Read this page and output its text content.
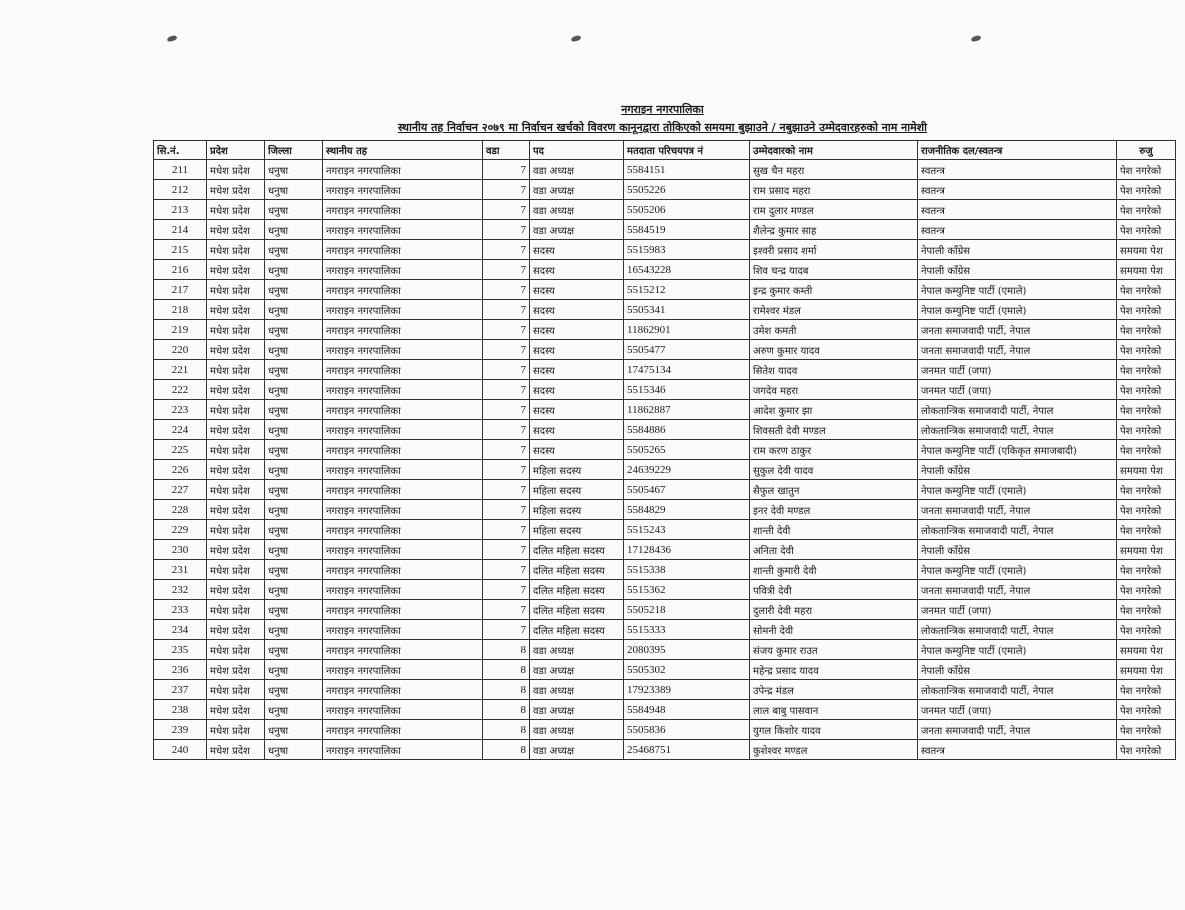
नगराइन नगरपालिका
स्थानीय तह निर्वाचन २०७९ मा निर्वाचन खर्चको विवरण कानूनद्वारा तोकिएको समयमा बुझाउने / नबुझाउने उम्मेदवारहरुको नाम नामेशी
सि.नं.	प्रदेश	जिल्ला	स्थानीय तह	वडा	पद	मतदाता परिचयपत्र नं	उम्मेदवारको नाम	राजनीतिक दल/स्वतन्त्र	रुजु
211	मधेश प्रदेश	धनुषा	नगराइन नगरपालिका	7	वडा अध्यक्ष	5584151	सुख चैन महरा	स्वतन्त्र	पेश नगरेको
212	मधेश प्रदेश	धनुषा	नगराइन नगरपालिका	7	वडा अध्यक्ष	5505226	राम प्रसाद महरा	स्वतन्त्र	पेश नगरेको
213	मधेश प्रदेश	धनुषा	नगराइन नगरपालिका	7	वडा अध्यक्ष	5505206	राम दुलार मण्डल	स्वतन्त्र	पेश नगरेको
214	मधेश प्रदेश	धनुषा	नगराइन नगरपालिका	7	वडा अध्यक्ष	5584519	शैलेन्द्र कुमार साह	स्वतन्त्र	पेश नगरेको
215	मधेश प्रदेश	धनुषा	नगराइन नगरपालिका	7	सदस्य	5515983	इश्वरी प्रसाद शर्मा	नेपाली काँग्रेस	समयमा पेश
216	मधेश प्रदेश	धनुषा	नगराइन नगरपालिका	7	सदस्य	16543228	शिव चन्द्र यादब	नेपाली काँग्रेस	समयमा पेश
217	मधेश प्रदेश	धनुषा	नगराइन नगरपालिका	7	सदस्य	5515212	इन्द्र कुमार कम्ती	नेपाल कम्युनिष्ट पार्टी (एमाले)	पेश नगरेको
218	मधेश प्रदेश	धनुषा	नगराइन नगरपालिका	7	सदस्य	5505341	रामेश्वर मंडल	नेपाल कम्युनिष्ट पार्टी (एमाले)	पेश नगरेको
219	मधेश प्रदेश	धनुषा	नगराइन नगरपालिका	7	सदस्य	11862901	उमेश कमती	जनता समाजवादी पार्टी, नेपाल	पेश नगरेको
220	मधेश प्रदेश	धनुषा	नगराइन नगरपालिका	7	सदस्य	5505477	अरुण कुमार यादव	जनता समाजवादी पार्टी, नेपाल	पेश नगरेको
221	मधेश प्रदेश	धनुषा	नगराइन नगरपालिका	7	सदस्य	17475134	सितेश यादव	जनमत पार्टी (जपा)	पेश नगरेको
222	मधेश प्रदेश	धनुषा	नगराइन नगरपालिका	7	सदस्य	5515346	जगदेव महरा	जनमत पार्टी (जपा)	पेश नगरेको
223	मधेश प्रदेश	धनुषा	नगराइन नगरपालिका	7	सदस्य	11862887	आदेश कुमार झा	लोकतान्त्रिक समाजवादी पार्टी, नेपाल	पेश नगरेको
224	मधेश प्रदेश	धनुषा	नगराइन नगरपालिका	7	सदस्य	5584886	शिवसती देवी मण्डल	लोकतान्त्रिक समाजवादी पार्टी, नेपाल	पेश नगरेको
225	मधेश प्रदेश	धनुषा	नगराइन नगरपालिका	7	सदस्य	5505265	राम करण ठाकुर	नेपाल कम्युनिष्ट पार्टी (एकिकृत समाजबादी)	पेश नगरेको
226	मधेश प्रदेश	धनुषा	नगराइन नगरपालिका	7	महिला सदस्य	24639229	सुकुल देवी यादव	नेपाली काँग्रेस	समयमा पेश
227	मधेश प्रदेश	धनुषा	नगराइन नगरपालिका	7	महिला सदस्य	5505467	सैफुल खातुन	नेपाल कम्युनिष्ट पार्टी (एमाले)	पेश नगरेको
228	मधेश प्रदेश	धनुषा	नगराइन नगरपालिका	7	महिला सदस्य	5584829	इनर देवी मण्डल	जनता समाजवादी पार्टी, नेपाल	पेश नगरेको
229	मधेश प्रदेश	धनुषा	नगराइन नगरपालिका	7	महिला सदस्य	5515243	शान्ती देवी	लोकतान्त्रिक समाजवादी पार्टी, नेपाल	पेश नगरेको
230	मधेश प्रदेश	धनुषा	नगराइन नगरपालिका	7	दलित महिला सदस्य	17128436	अनिता देवी	नेपाली काँग्रेस	समयमा पेश
231	मधेश प्रदेश	धनुषा	नगराइन नगरपालिका	7	दलित महिला सदस्य	5515338	शान्ती कुमारी देवी	नेपाल कम्युनिष्ट पार्टी (एमाले)	पेश नगरेको
232	मधेश प्रदेश	धनुषा	नगराइन नगरपालिका	7	दलित महिला सदस्य	5515362	पवित्री देवी	जनता समाजवादी पार्टी, नेपाल	पेश नगरेको
233	मधेश प्रदेश	धनुषा	नगराइन नगरपालिका	7	दलित महिला सदस्य	5505218	दुलारी देवी महरा	जनमत पार्टी (जपा)	पेश नगरेको
234	मधेश प्रदेश	धनुषा	नगराइन नगरपालिका	7	दलित महिला सदस्य	5515333	सोमनी देवी	लोकतान्त्रिक समाजवादी पार्टी, नेपाल	पेश नगरेको
235	मधेश प्रदेश	धनुषा	नगराइन नगरपालिका	8	वडा अध्यक्ष	2080395	संजय कुमार राउत	नेपाल कम्युनिष्ट पार्टी (एमाले)	समयमा पेश
236	मधेश प्रदेश	धनुषा	नगराइन नगरपालिका	8	वडा अध्यक्ष	5505302	महेन्द्र प्रसाद यादव	नेपाली काँग्रेस	समयमा पेश
237	मधेश प्रदेश	धनुषा	नगराइन नगरपालिका	8	वडा अध्यक्ष	17923389	उपेन्द्र मंडल	लोकतान्त्रिक समाजवादी पार्टी, नेपाल	पेश नगरेको
238	मधेश प्रदेश	धनुषा	नगराइन नगरपालिका	8	वडा अध्यक्ष	5584948	लाल बाबु पासवान	जनमत पार्टी (जपा)	पेश नगरेको
239	मधेश प्रदेश	धनुषा	नगराइन नगरपालिका	8	वडा अध्यक्ष	5505836	युगल किशोर यादव	जनता समाजवादी पार्टी, नेपाल	पेश नगरेको
240	मधेश प्रदेश	धनुषा	नगराइन नगरपालिका	8	वडा अध्यक्ष	25468751	कुशेश्वर मण्डल	स्वतन्त्र	पेश नगरेको
